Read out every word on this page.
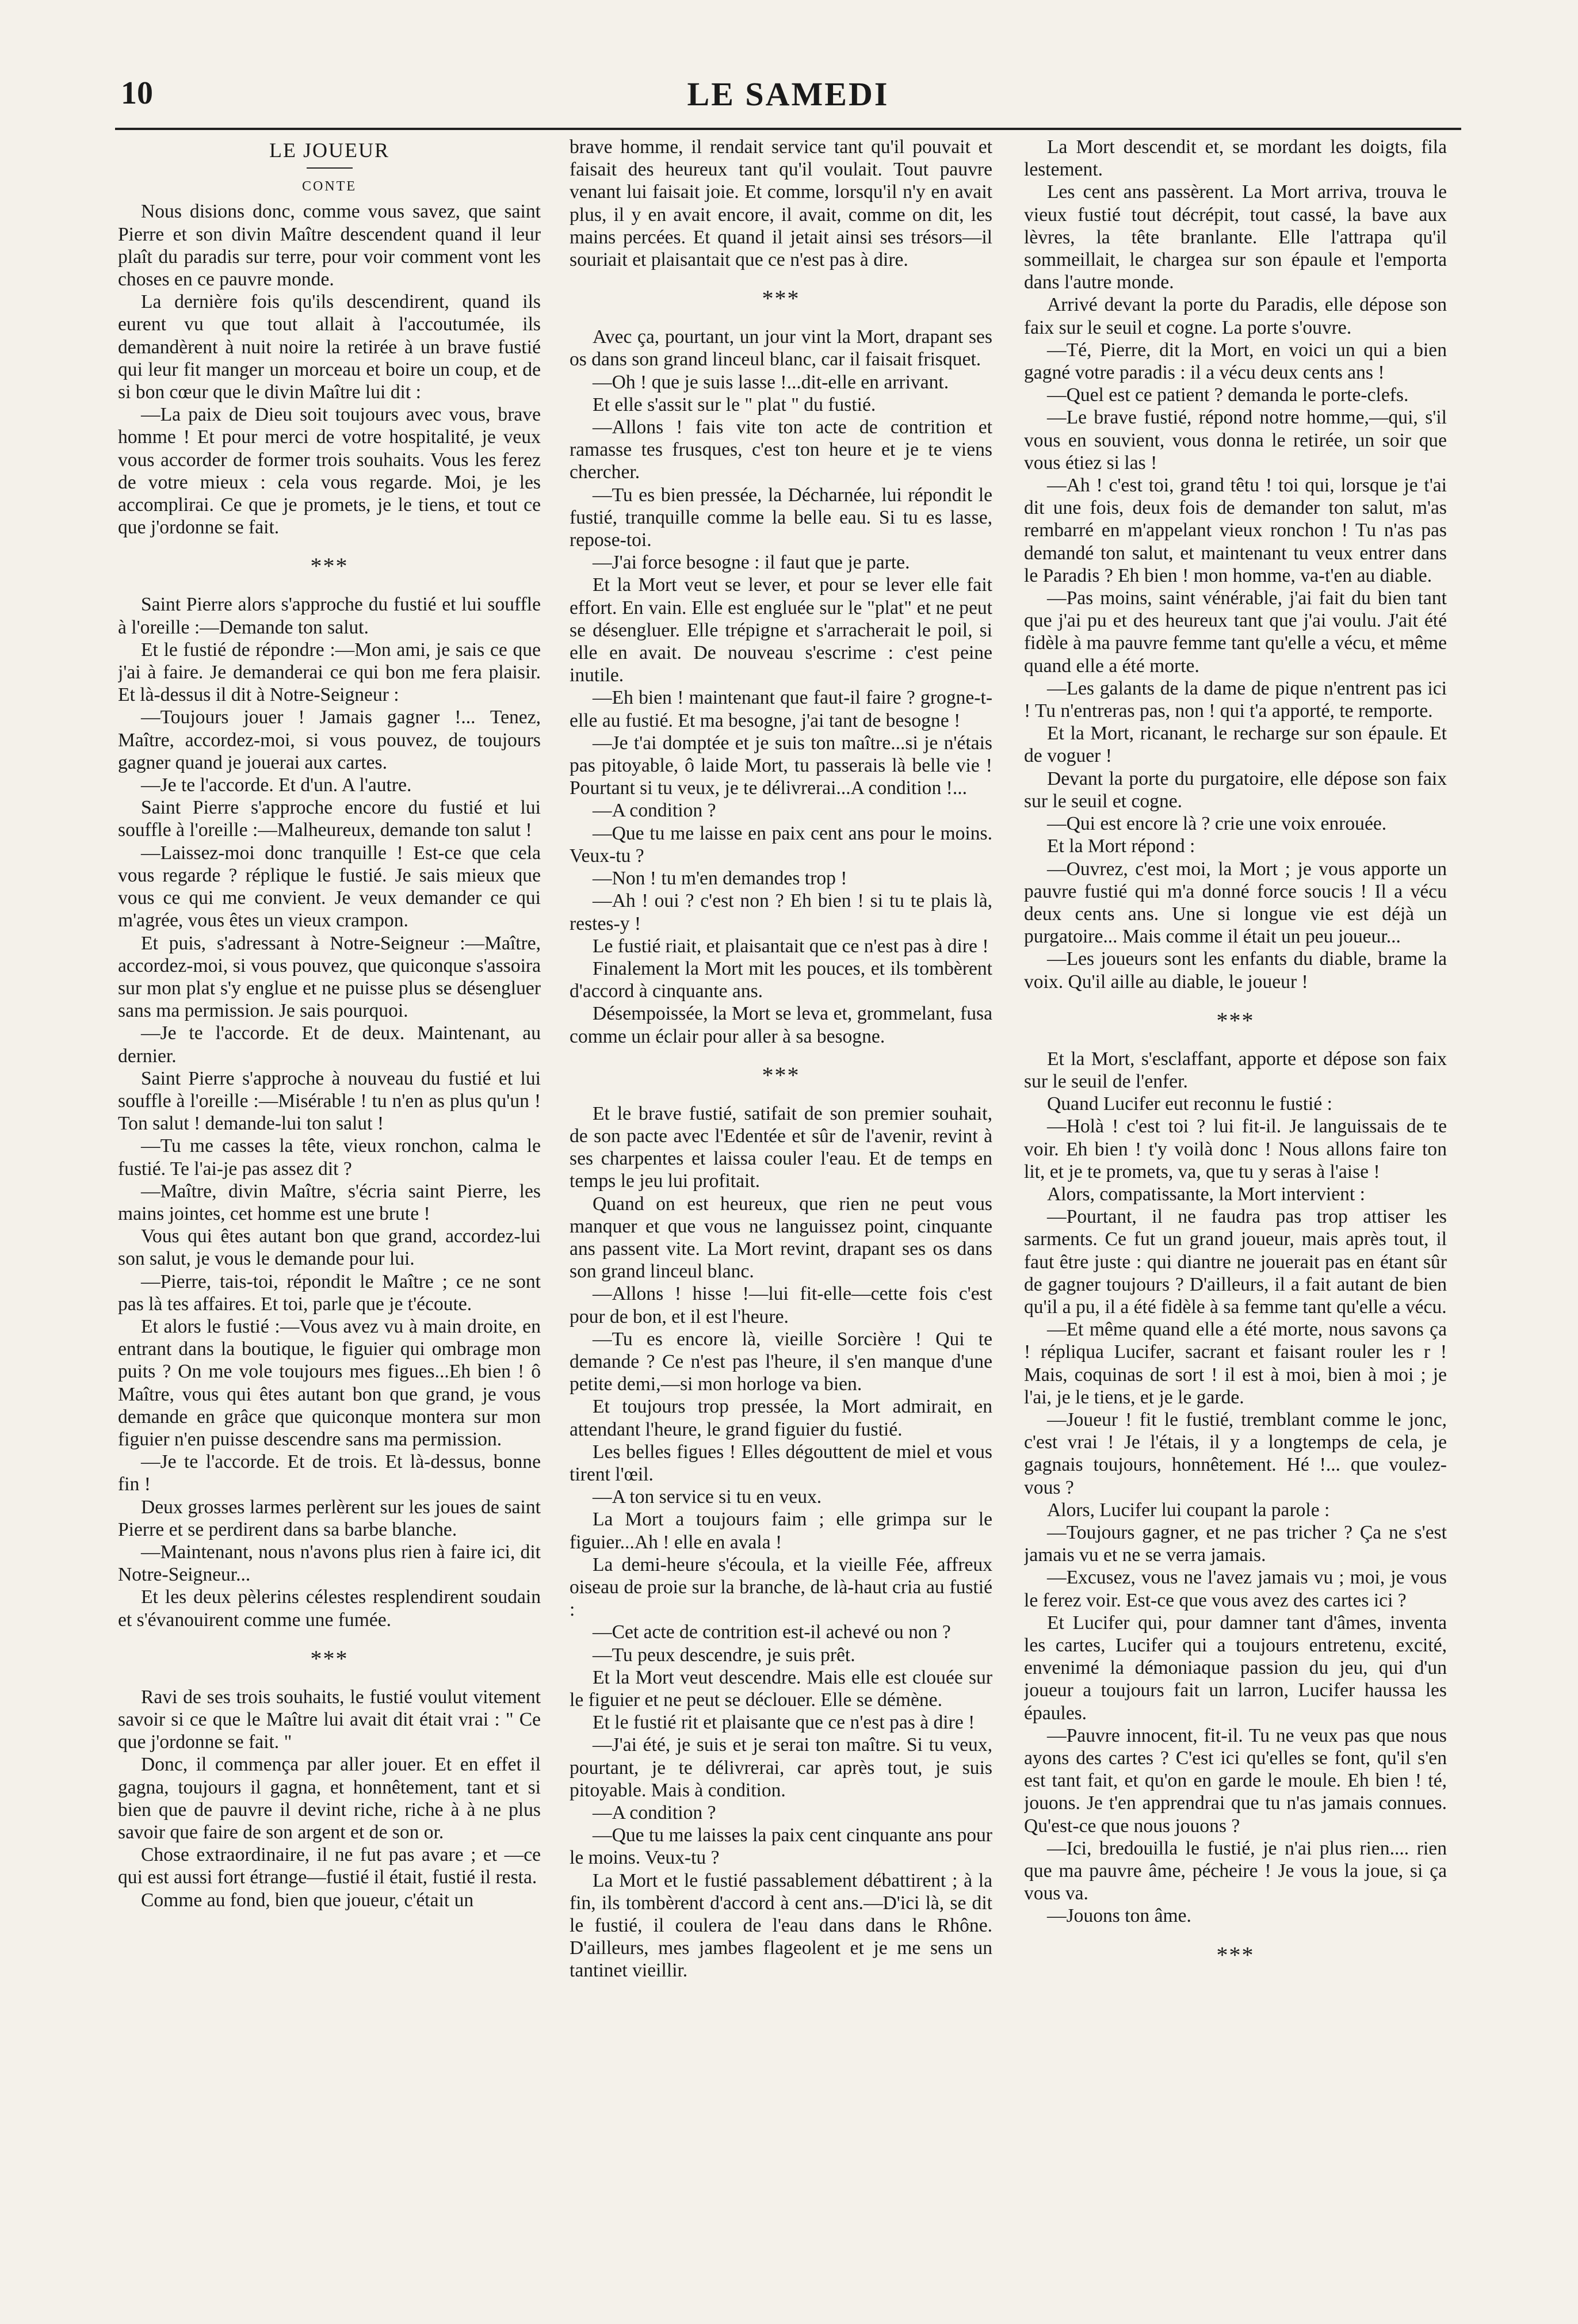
10	LE SAMEDI
LE JOUEUR
CONTE

Nous disions donc, comme vous savez, que saint Pierre et son divin Maître descendent quand il leur plaît du paradis sur terre, pour voir comment vont les choses en ce pauvre monde.

La dernière fois qu'ils descendirent, quand ils eurent vu que tout allait à l'accoutumée, ils demandèrent à nuit noire la retirée à un brave fustié qui leur fit manger un morceau et boire un coup, et de si bon cœur que le divin Maître lui dit :

—La paix de Dieu soit toujours avec vous, brave homme ! Et pour merci de votre hospitalité, je veux vous accorder de former trois souhaits. Vous les ferez de votre mieux : cela vous regarde. Moi, je les accomplirai. Ce que je promets, je le tiens, et tout ce que j'ordonne se fait.

***

Saint Pierre alors s'approche du fustié et lui souffle à l'oreille :—Demande ton salut.

Et le fustié de répondre :—Mon ami, je sais ce que j'ai à faire. Je demanderai ce qui bon me fera plaisir. Et là-dessus il dit à Notre-Seigneur :

—Toujours jouer ! Jamais gagner !... Tenez, Maître, accordez-moi, si vous pouvez, de toujours gagner quand je jouerai aux cartes.

—Je te l'accorde. Et d'un. A l'autre.

Saint Pierre s'approche encore du fustié et lui souffle à l'oreille :—Malheureux, demande ton salut !

—Laissez-moi donc tranquille ! Est-ce que cela vous regarde ? réplique le fustié. Je sais mieux que vous ce qui me convient. Je veux demander ce qui m'agrée, vous êtes un vieux crampon.

Et puis, s'adressant à Notre-Seigneur :—Maître, accordez-moi, si vous pouvez, que quiconque s'assoira sur mon plat s'y englue et ne puisse plus se désengluer sans ma permission. Je sais pourquoi.

—Je te l'accorde. Et de deux. Maintenant, au dernier.

Saint Pierre s'approche à nouveau du fustié et lui souffle à l'oreille :—Misérable ! tu n'en as plus qu'un ! Ton salut ! demande-lui ton salut !

—Tu me casses la tête, vieux ronchon, calma le fustié. Te l'ai-je pas assez dit ?

—Maître, divin Maître, s'écria saint Pierre, les mains jointes, cet homme est une brute !

Vous qui êtes autant bon que grand, accordez-lui son salut, je vous le demande pour lui.

—Pierre, tais-toi, répondit le Maître ; ce ne sont pas là tes affaires. Et toi, parle que je t'écoute.

Et alors le fustié :—Vous avez vu à main droite, en entrant dans la boutique, le figuier qui ombrage mon puits ? On me vole toujours mes figues...Eh bien ! ô Maître, vous qui êtes autant bon que grand, je vous demande en grâce que quiconque montera sur mon figuier n'en puisse descendre sans ma permission.

—Je te l'accorde. Et de trois. Et là-dessus, bonne fin !

Deux grosses larmes perlèrent sur les joues de saint Pierre et se perdirent dans sa barbe blanche.

—Maintenant, nous n'avons plus rien à faire ici, dit Notre-Seigneur...

Et les deux pèlerins célestes resplendirent soudain et s'évanouirent comme une fumée.

***

Ravi de ses trois souhaits, le fustié voulut vitement savoir si ce que le Maître lui avait dit était vrai : " Ce que j'ordonne se fait. "

Donc, il commença par aller jouer. Et en effet il gagna, toujours il gagna, et honnêtement, tant et si bien que de pauvre il devint riche, riche à à ne plus savoir que faire de son argent et de son or.

Chose extraordinaire, il ne fut pas avare ; et —ce qui est aussi fort étrange—fustié il était, fustié il resta.

Comme au fond, bien que joueur, c'était un

brave homme, il rendait service tant qu'il pouvait et faisait des heureux tant qu'il voulait. Tout pauvre venant lui faisait joie. Et comme, lorsqu'il n'y en avait plus, il y en avait encore, il avait, comme on dit, les mains percées. Et quand il jetait ainsi ses trésors—il souriait et plaisantait que ce n'est pas à dire.

***

Avec ça, pourtant, un jour vint la Mort, drapant ses os dans son grand linceul blanc, car il faisait frisquet.

—Oh ! que je suis lasse !...dit-elle en arrivant.

Et elle s'assit sur le " plat " du fustié.

—Allons ! fais vite ton acte de contrition et ramasse tes frusques, c'est ton heure et je te viens chercher.

—Tu es bien pressée, la Décharnée, lui répondit le fustié, tranquille comme la belle eau. Si tu es lasse, repose-toi.

—J'ai force besogne : il faut que je parte.

Et la Mort veut se lever, et pour se lever elle fait effort. En vain. Elle est engluée sur le "plat" et ne peut se désengluer. Elle trépigne et s'arracherait le poil, si elle en avait. De nouveau s'escrime : c'est peine inutile.

—Eh bien ! maintenant que faut-il faire ? grogne-t-elle au fustié. Et ma besogne, j'ai tant de besogne !

—Je t'ai domptée et je suis ton maître...si je n'étais pas pitoyable, ô laide Mort, tu passerais là belle vie ! Pourtant si tu veux, je te délivrerai...A condition !...

—A condition ?

—Que tu me laisse en paix cent ans pour le moins. Veux-tu ?

—Non ! tu m'en demandes trop !

—Ah ! oui ? c'est non ? Eh bien ! si tu te plais là, restes-y !

Le fustié riait, et plaisantait que ce n'est pas à dire !

Finalement la Mort mit les pouces, et ils tombèrent d'accord à cinquante ans.

Désempoissée, la Mort se leva et, grommelant, fusa comme un éclair pour aller à sa besogne.

***

Et le brave fustié, satifait de son premier souhait, de son pacte avec l'Edentée et sûr de l'avenir, revint à ses charpentes et laissa couler l'eau. Et de temps en temps le jeu lui profitait.

Quand on est heureux, que rien ne peut vous manquer et que vous ne languissez point, cinquante ans passent vite. La Mort revint, drapant ses os dans son grand linceul blanc.

—Allons ! hisse !—lui fit-elle—cette fois c'est pour de bon, et il est l'heure.

—Tu es encore là, vieille Sorcière ! Qui te demande ? Ce n'est pas l'heure, il s'en manque d'une petite demi,—si mon horloge va bien.

Et toujours trop pressée, la Mort admirait, en attendant l'heure, le grand figuier du fustié.

Les belles figues ! Elles dégouttent de miel et vous tirent l'œil.

—A ton service si tu en veux.

La Mort a toujours faim ; elle grimpa sur le figuier...Ah ! elle en avala !

La demi-heure s'écoula, et la vieille Fée, affreux oiseau de proie sur la branche, de là-haut cria au fustié :

—Cet acte de contrition est-il achevé ou non ?

—Tu peux descendre, je suis prêt.

Et la Mort veut descendre. Mais elle est clouée sur le figuier et ne peut se déclouer. Elle se démène.

Et le fustié rit et plaisante que ce n'est pas à dire !

—J'ai été, je suis et je serai ton maître. Si tu veux, pourtant, je te délivrerai, car après tout, je suis pitoyable. Mais à condition.

—A condition ?

—Que tu me laisses la paix cent cinquante ans pour le moins. Veux-tu ?

La Mort et le fustié passablement débattirent ; à la fin, ils tombèrent d'accord à cent ans.—D'ici là, se dit le fustié, il coulera de l'eau dans dans le Rhône. D'ailleurs, mes jambes flageolent et je me sens un tantinet vieillir.

La Mort descendit et, se mordant les doigts, fila lestement.

Les cent ans passèrent. La Mort arriva, trouva le vieux fustié tout décrépit, tout cassé, la bave aux lèvres, la tête branlante. Elle l'attrapa qu'il sommeillait, le chargea sur son épaule et l'emporta dans l'autre monde.

Arrivé devant la porte du Paradis, elle dépose son faix sur le seuil et cogne. La porte s'ouvre.

—Té, Pierre, dit la Mort, en voici un qui a bien gagné votre paradis : il a vécu deux cents ans !

—Quel est ce patient ? demanda le porte-clefs.

—Le brave fustié, répond notre homme,—qui, s'il vous en souvient, vous donna le retirée, un soir que vous étiez si las !

—Ah ! c'est toi, grand têtu ! toi qui, lorsque je t'ai dit une fois, deux fois de demander ton salut, m'as rembarré en m'appelant vieux ronchon ! Tu n'as pas demandé ton salut, et maintenant tu veux entrer dans le Paradis ? Eh bien ! mon homme, va-t'en au diable.

—Pas moins, saint vénérable, j'ai fait du bien tant que j'ai pu et des heureux tant que j'ai voulu. J'ait été fidèle à ma pauvre femme tant qu'elle a vécu, et même quand elle a été morte.

—Les galants de la dame de pique n'entrent pas ici ! Tu n'entreras pas, non ! qui t'a apporté, te remporte.

Et la Mort, ricanant, le recharge sur son épaule. Et de voguer !

Devant la porte du purgatoire, elle dépose son faix sur le seuil et cogne.

—Qui est encore là ? crie une voix enrouée.

Et la Mort répond :

—Ouvrez, c'est moi, la Mort ; je vous apporte un pauvre fustié qui m'a donné force soucis ! Il a vécu deux cents ans. Une si longue vie est déjà un purgatoire... Mais comme il était un peu joueur...

—Les joueurs sont les enfants du diable, brame la voix. Qu'il aille au diable, le joueur !

***

Et la Mort, s'esclaffant, apporte et dépose son faix sur le seuil de l'enfer.

Quand Lucifer eut reconnu le fustié :

—Holà ! c'est toi ? lui fit-il. Je languissais de te voir. Eh bien ! t'y voilà donc ! Nous allons faire ton lit, et je te promets, va, que tu y seras à l'aise !

Alors, compatissante, la Mort intervient :

—Pourtant, il ne faudra pas trop attiser les sarments. Ce fut un grand joueur, mais après tout, il faut être juste : qui diantre ne jouerait pas en étant sûr de gagner toujours ? D'ailleurs, il a fait autant de bien qu'il a pu, il a été fidèle à sa femme tant qu'elle a vécu.

—Et même quand elle a été morte, nous savons ça ! répliqua Lucifer, sacrant et faisant rouler les r ! Mais, coquinas de sort ! il est à moi, bien à moi ; je l'ai, je le tiens, et je le garde.

—Joueur ! fit le fustié, tremblant comme le jonc, c'est vrai ! Je l'étais, il y a longtemps de cela, je gagnais toujours, honnêtement. Hé !... que voulez-vous ?

Alors, Lucifer lui coupant la parole :

—Toujours gagner, et ne pas tricher ? Ça ne s'est jamais vu et ne se verra jamais.

—Excusez, vous ne l'avez jamais vu ; moi, je vous le ferez voir. Est-ce que vous avez des cartes ici ?

Et Lucifer qui, pour damner tant d'âmes, inventa les cartes, Lucifer qui a toujours entretenu, excité, envenimé la démoniaque passion du jeu, qui d'un joueur a toujours fait un larron, Lucifer haussa les épaules.

—Pauvre innocent, fit-il. Tu ne veux pas que nous ayons des cartes ? C'est ici qu'elles se font, qu'il s'en est tant fait, et qu'on en garde le moule. Eh bien ! té, jouons. Je t'en apprendrai que tu n'as jamais connues. Qu'est-ce que nous jouons ?

—Ici, bredouilla le fustié, je n'ai plus rien.... rien que ma pauvre âme, pécheire ! Je vous la joue, si ça vous va.

—Jouons ton âme.

***
